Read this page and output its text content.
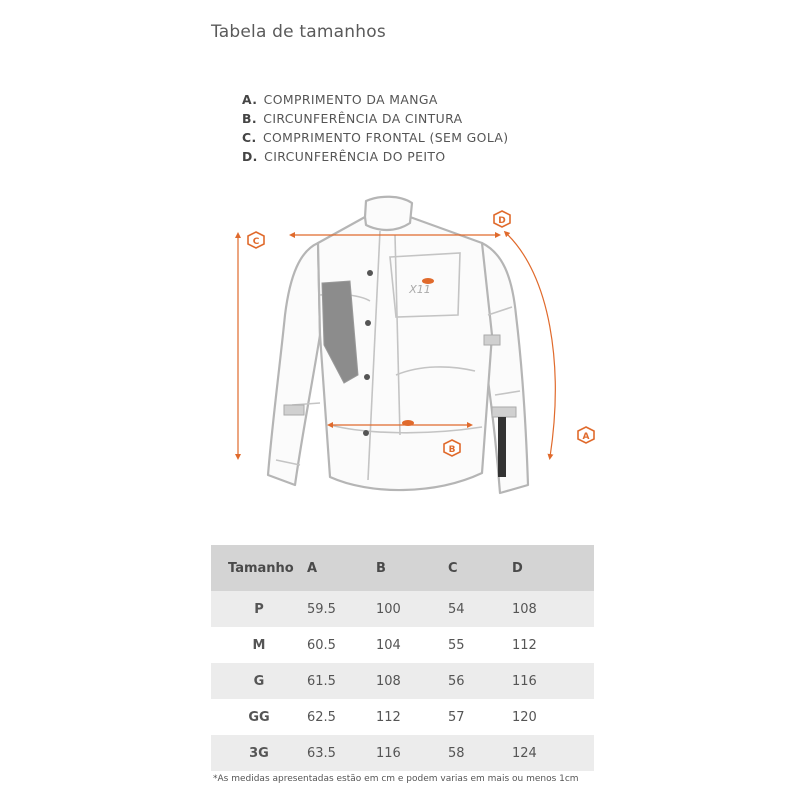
Tabela de tamanhos
A. COMPRIMENTO DA MANGA
B. CIRCUNFERÊNCIA DA CINTURA
C. COMPRIMENTO FRONTAL (SEM GOLA)
D. CIRCUNFERÊNCIA DO PEITO
C
D
B
A
X11
Tamanho	A	B	C	D
P	59.5	100	54	108
M	60.5	104	55	112
G	61.5	108	56	116
GG	62.5	112	57	120
3G	63.5	116	58	124
*As medidas apresentadas estão em cm e podem varias em mais ou menos 1cm
